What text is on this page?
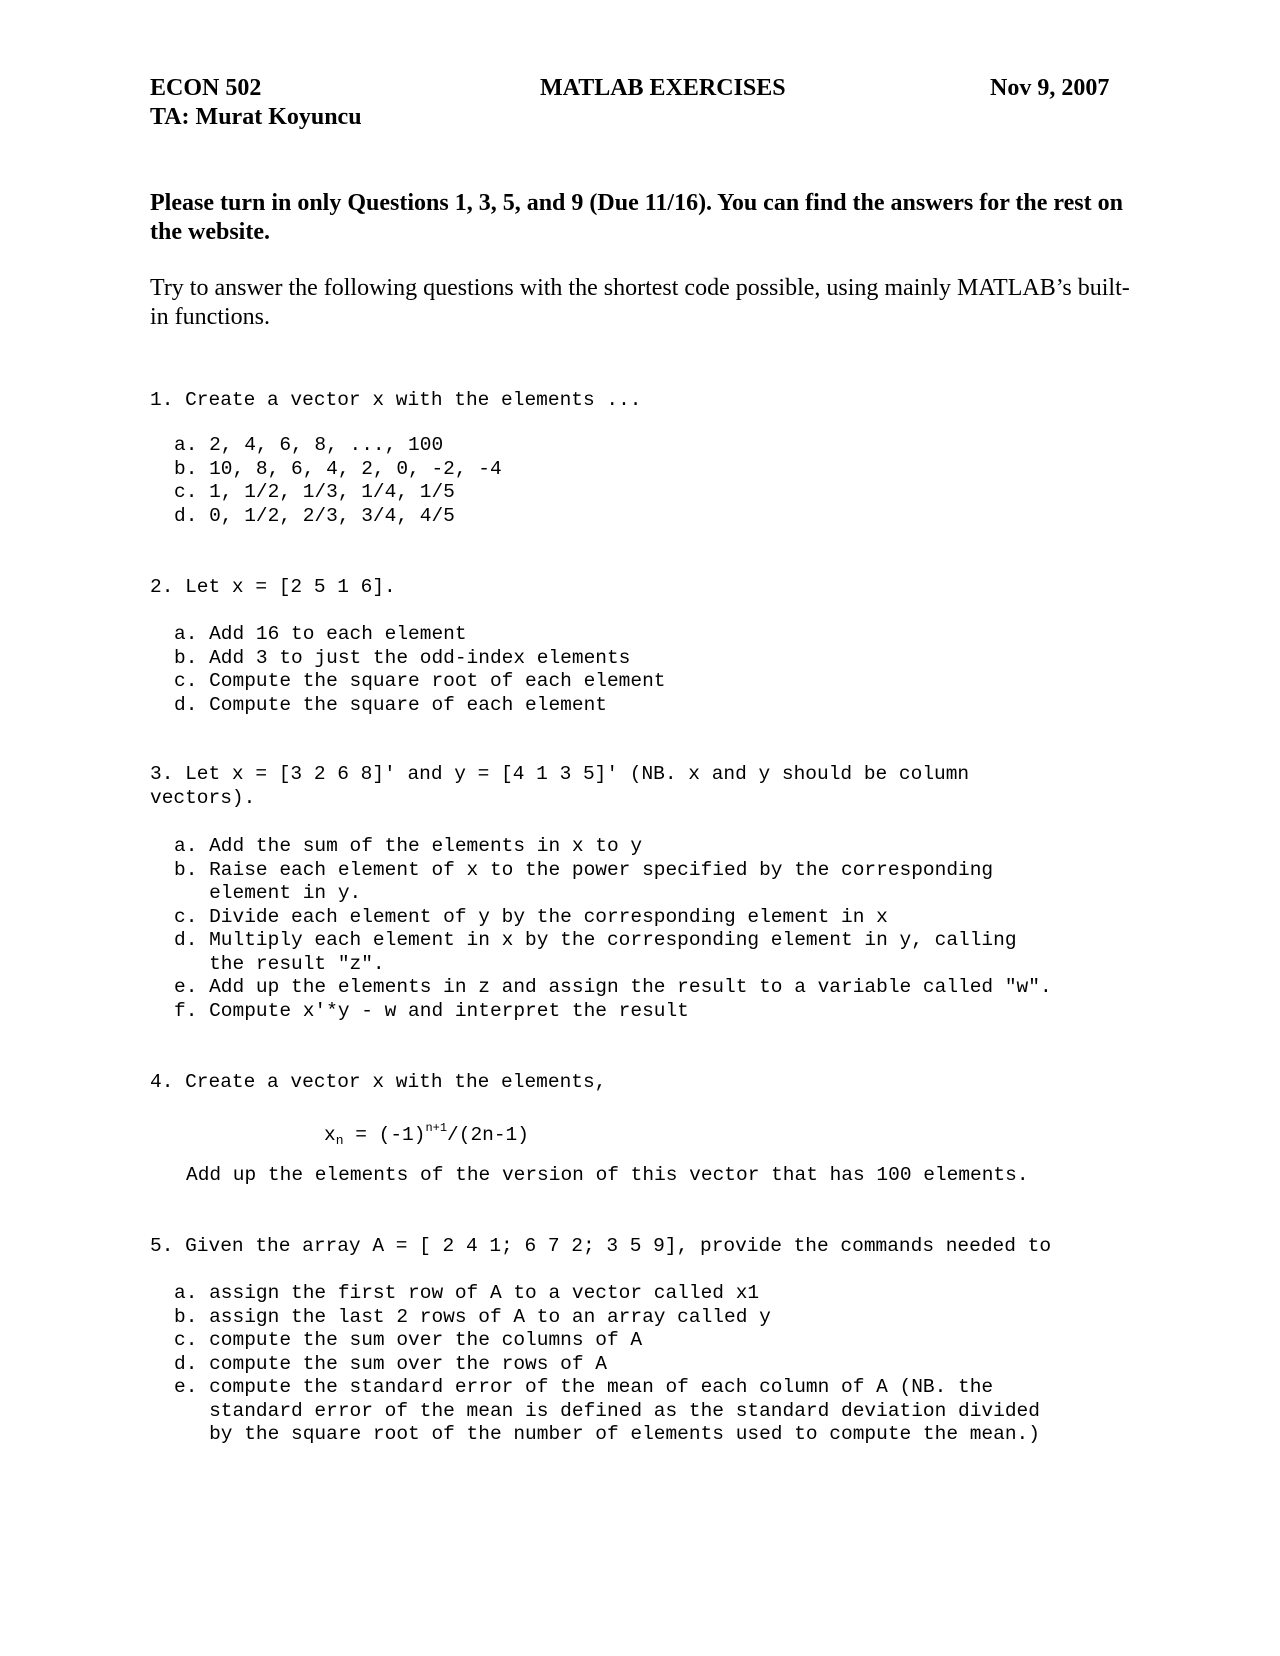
ECON 502
TA: Murat Koyuncu
MATLAB EXERCISES	Nov 9, 2007
Please turn in only Questions 1, 3, 5, and 9 (Due 11/16). You can find the answers for the rest on the website.
Try to answer the following questions with the shortest code possible, using mainly MATLAB’s built-in functions.
1. Create a vector x with the elements ...
a. 2, 4, 6, 8, ..., 100
b. 10, 8, 6, 4, 2, 0, -2, -4
c. 1, 1/2, 1/3, 1/4, 1/5
d. 0, 1/2, 2/3, 3/4, 4/5
2. Let x = [2 5 1 6].
a. Add 16 to each element
b. Add 3 to just the odd-index elements
c. Compute the square root of each element
d. Compute the square of each element
3. Let x = [3 2 6 8]' and y = [4 1 3 5]' (NB. x and y should be column
vectors).
a. Add the sum of the elements in x to y
b. Raise each element of x to the power specified by the corresponding
element in y.
c. Divide each element of y by the corresponding element in x
d. Multiply each element in x by the corresponding element in y, calling
the result "z".
e. Add up the elements in z and assign the result to a variable called "w".
f. Compute x'*y - w and interpret the result
4. Create a vector x with the elements,
$x_n = (-1)^{n+1}/(2n-1)$
Add up the elements of the version of this vector that has 100 elements.
5. Given the array A = [ 2 4 1; 6 7 2; 3 5 9], provide the commands needed to
a. assign the first row of A to a vector called x1
b. assign the last 2 rows of A to an array called y
c. compute the sum over the columns of A
d. compute the sum over the rows of A
e. compute the standard error of the mean of each column of A (NB. the
standard error of the mean is defined as the standard deviation divided
by the square root of the number of elements used to compute the mean.)
